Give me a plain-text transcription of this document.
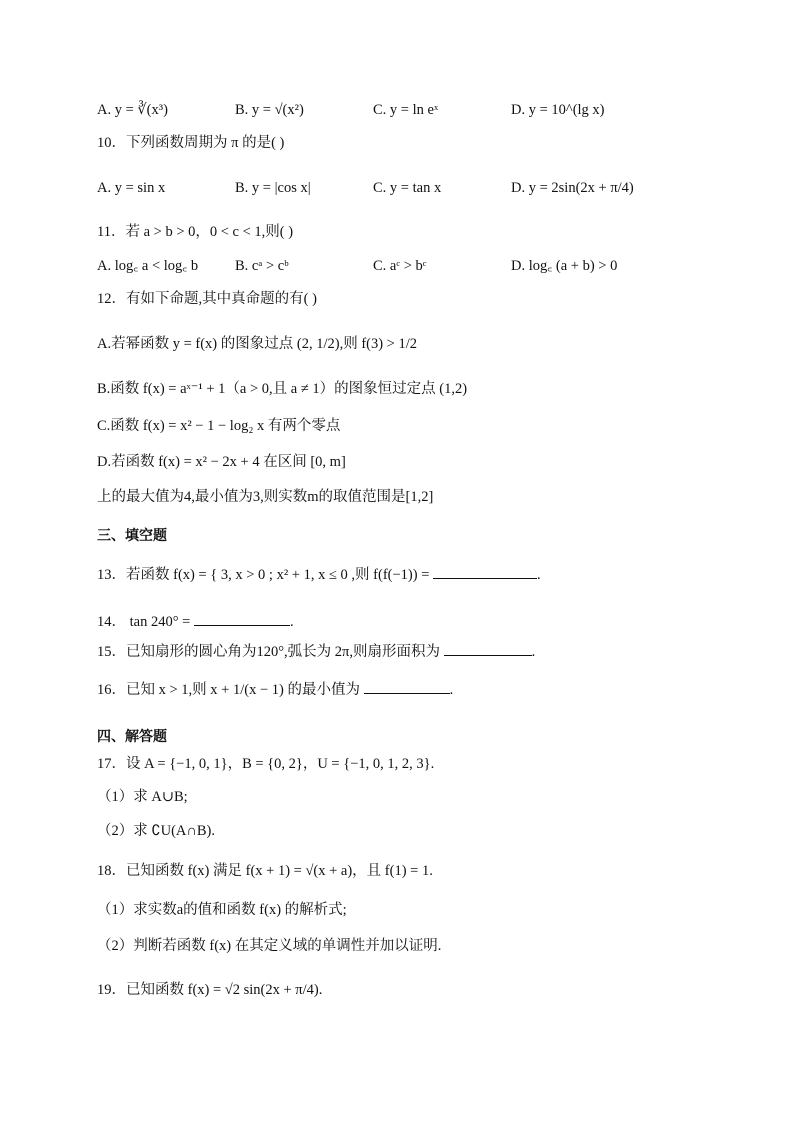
A. y = ∛(x³)	B. y = √(x²)	C. y = ln eˣ	D. y = 10^(lg x)
10．下列函数周期为 π 的是( )
A. y = sin x	B. y = |cos x|	C. y = tan x	D. y = 2sin(2x + π/4)
11．若 a > b > 0，0 < c < 1,则( )
A. log꜀ a < log꜀ b	B. cᵃ > cᵇ	C. aᶜ > bᶜ	D. log꜀ (a + b) > 0
12．有如下命题,其中真命题的有( )
A.若幂函数 y = f(x) 的图象过点 (2, 1/2),则 f(3) > 1/2
B.函数 f(x) = aˣ⁻¹ + 1（a > 0,且 a ≠ 1）的图象恒过定点 (1,2)
C.函数 f(x) = x² − 1 − log₂ x 有两个零点
D.若函数 f(x) = x² − 2x + 4 在区间 [0, m]
上的最大值为4,最小值为3,则实数m的取值范围是[1,2]
三、填空题
13．若函数 f(x) = { 3, x > 0 ; x² + 1, x ≤ 0 ,则 f(f(−1)) =	.
14． tan 240° =	.
15．已知扇形的圆心角为120°,弧长为 2π,则扇形面积为	.
16．已知 x > 1,则 x + 1/(x − 1) 的最小值为	.
四、解答题
17．设 A = {−1, 0, 1}，B = {0, 2}，U = {−1, 0, 1, 2, 3}.
（1）求 A∪B;
（2）求 ∁U(A∩B).
18．已知函数 f(x) 满足 f(x + 1) = √(x + a)，且 f(1) = 1.
（1）求实数a的值和函数 f(x) 的解析式;
（2）判断若函数 f(x) 在其定义域的单调性并加以证明.
19．已知函数 f(x) = √2 sin(2x + π/4).
